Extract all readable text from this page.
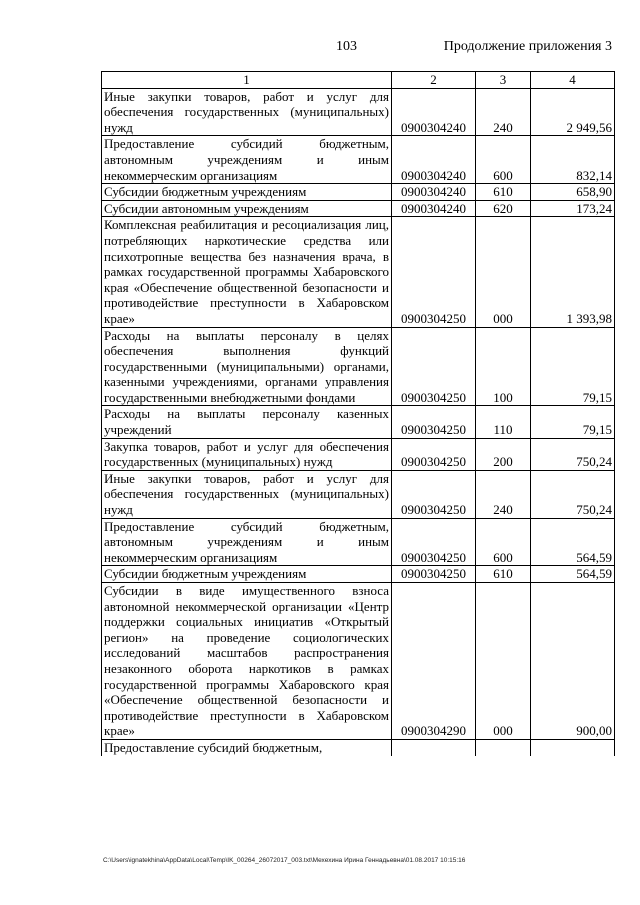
103	Продолжение приложения 3
1	2	3	4
Иные закупки товаров, работ и услуг для обеспечения государственных (муниципальных) нужд	0900304240	240	2 949,56
Предоставление субсидий бюджетным, автономным учреждениям и иным некоммерческим организациям	0900304240	600	832,14
Субсидии бюджетным учреждениям	0900304240	610	658,90
Субсидии автономным учреждениям	0900304240	620	173,24
Комплексная реабилитация и ресоциализация лиц, потребляющих наркотические средства или психотропные вещества без назначения врача, в рамках государственной программы Хабаровского края «Обеспечение общественной безопасности и противодействие преступности в Хабаровском крае»	0900304250	000	1 393,98
Расходы на выплаты персоналу в целях обеспечения выполнения функций государственными (муниципальными) органами, казенными учреждениями, органами управления государственными внебюджетными фондами	0900304250	100	79,15
Расходы на выплаты персоналу казенных учреждений	0900304250	110	79,15
Закупка товаров, работ и услуг для обеспечения государственных (муниципальных) нужд	0900304250	200	750,24
Иные закупки товаров, работ и услуг для обеспечения государственных (муниципальных) нужд	0900304250	240	750,24
Предоставление субсидий бюджетным, автономным учреждениям и иным некоммерческим организациям	0900304250	600	564,59
Субсидии бюджетным учреждениям	0900304250	610	564,59
Субсидии в виде имущественного взноса автономной некоммерческой организации «Центр поддержки социальных инициатив «Открытый регион» на проведение социологических исследований масштабов распространения незаконного оборота наркотиков в рамках государственной программы Хабаровского края «Обеспечение общественной безопасности и противодействие преступности в Хабаровском крае»	0900304290	000	900,00
Предоставление субсидий бюджетным,			
C:\Users\ignatekhina\AppData\Local\Temp\IK_00264_26072017_003.txt\Мехехина Ирина Геннадьевна\01.08.2017 10:15:16
